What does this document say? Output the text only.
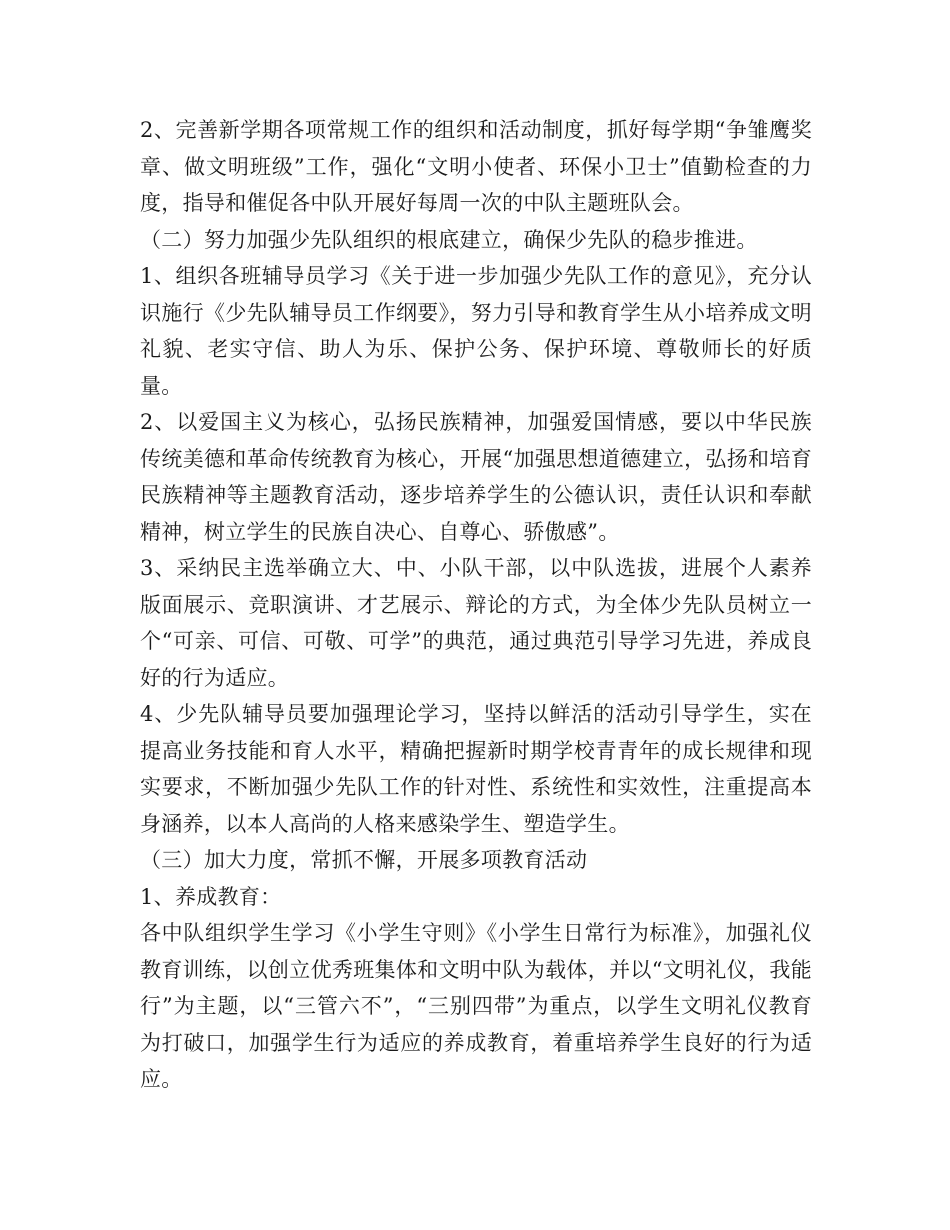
2、完善新学期各项常规工作的组织和活动制度，抓好每学期“争雏鹰奖章、做文明班级”工作，强化“文明小使者、环保小卫士”值勤检查的力度，指导和催促各中队开展好每周一次的中队主题班队会。

（二）努力加强少先队组织的根底建立，确保少先队的稳步推进。

1、组织各班辅导员学习《关于进一步加强少先队工作的意见》，充分认识施行《少先队辅导员工作纲要》，努力引导和教育学生从小培养成文明礼貌、老实守信、助人为乐、保护公务、保护环境、尊敬师长的好质量。

2、以爱国主义为核心，弘扬民族精神，加强爱国情感，要以中华民族传统美德和革命传统教育为核心，开展“加强思想道德建立，弘扬和培育民族精神等主题教育活动，逐步培养学生的公德认识，责任认识和奉献精神，树立学生的民族自决心、自尊心、骄傲感”。

3、采纳民主选举确立大、中、小队干部，以中队选拔，进展个人素养版面展示、竞职演讲、才艺展示、辩论的方式，为全体少先队员树立一个“可亲、可信、可敬、可学”的典范，通过典范引导学习先进，养成良好的行为适应。

4、少先队辅导员要加强理论学习，坚持以鲜活的活动引导学生，实在提高业务技能和育人水平，精确把握新时期学校青青年的成长规律和现实要求，不断加强少先队工作的针对性、系统性和实效性，注重提高本身涵养，以本人高尚的人格来感染学生、塑造学生。

（三）加大力度，常抓不懈，开展多项教育活动

1、养成教育：

各中队组织学生学习《小学生守则》《小学生日常行为标准》，加强礼仪教育训练，以创立优秀班集体和文明中队为载体，并以“文明礼仪，我能行”为主题，以“三管六不”，“三别四带”为重点，以学生文明礼仪教育为打破口，加强学生行为适应的养成教育，着重培养学生良好的行为适应。
